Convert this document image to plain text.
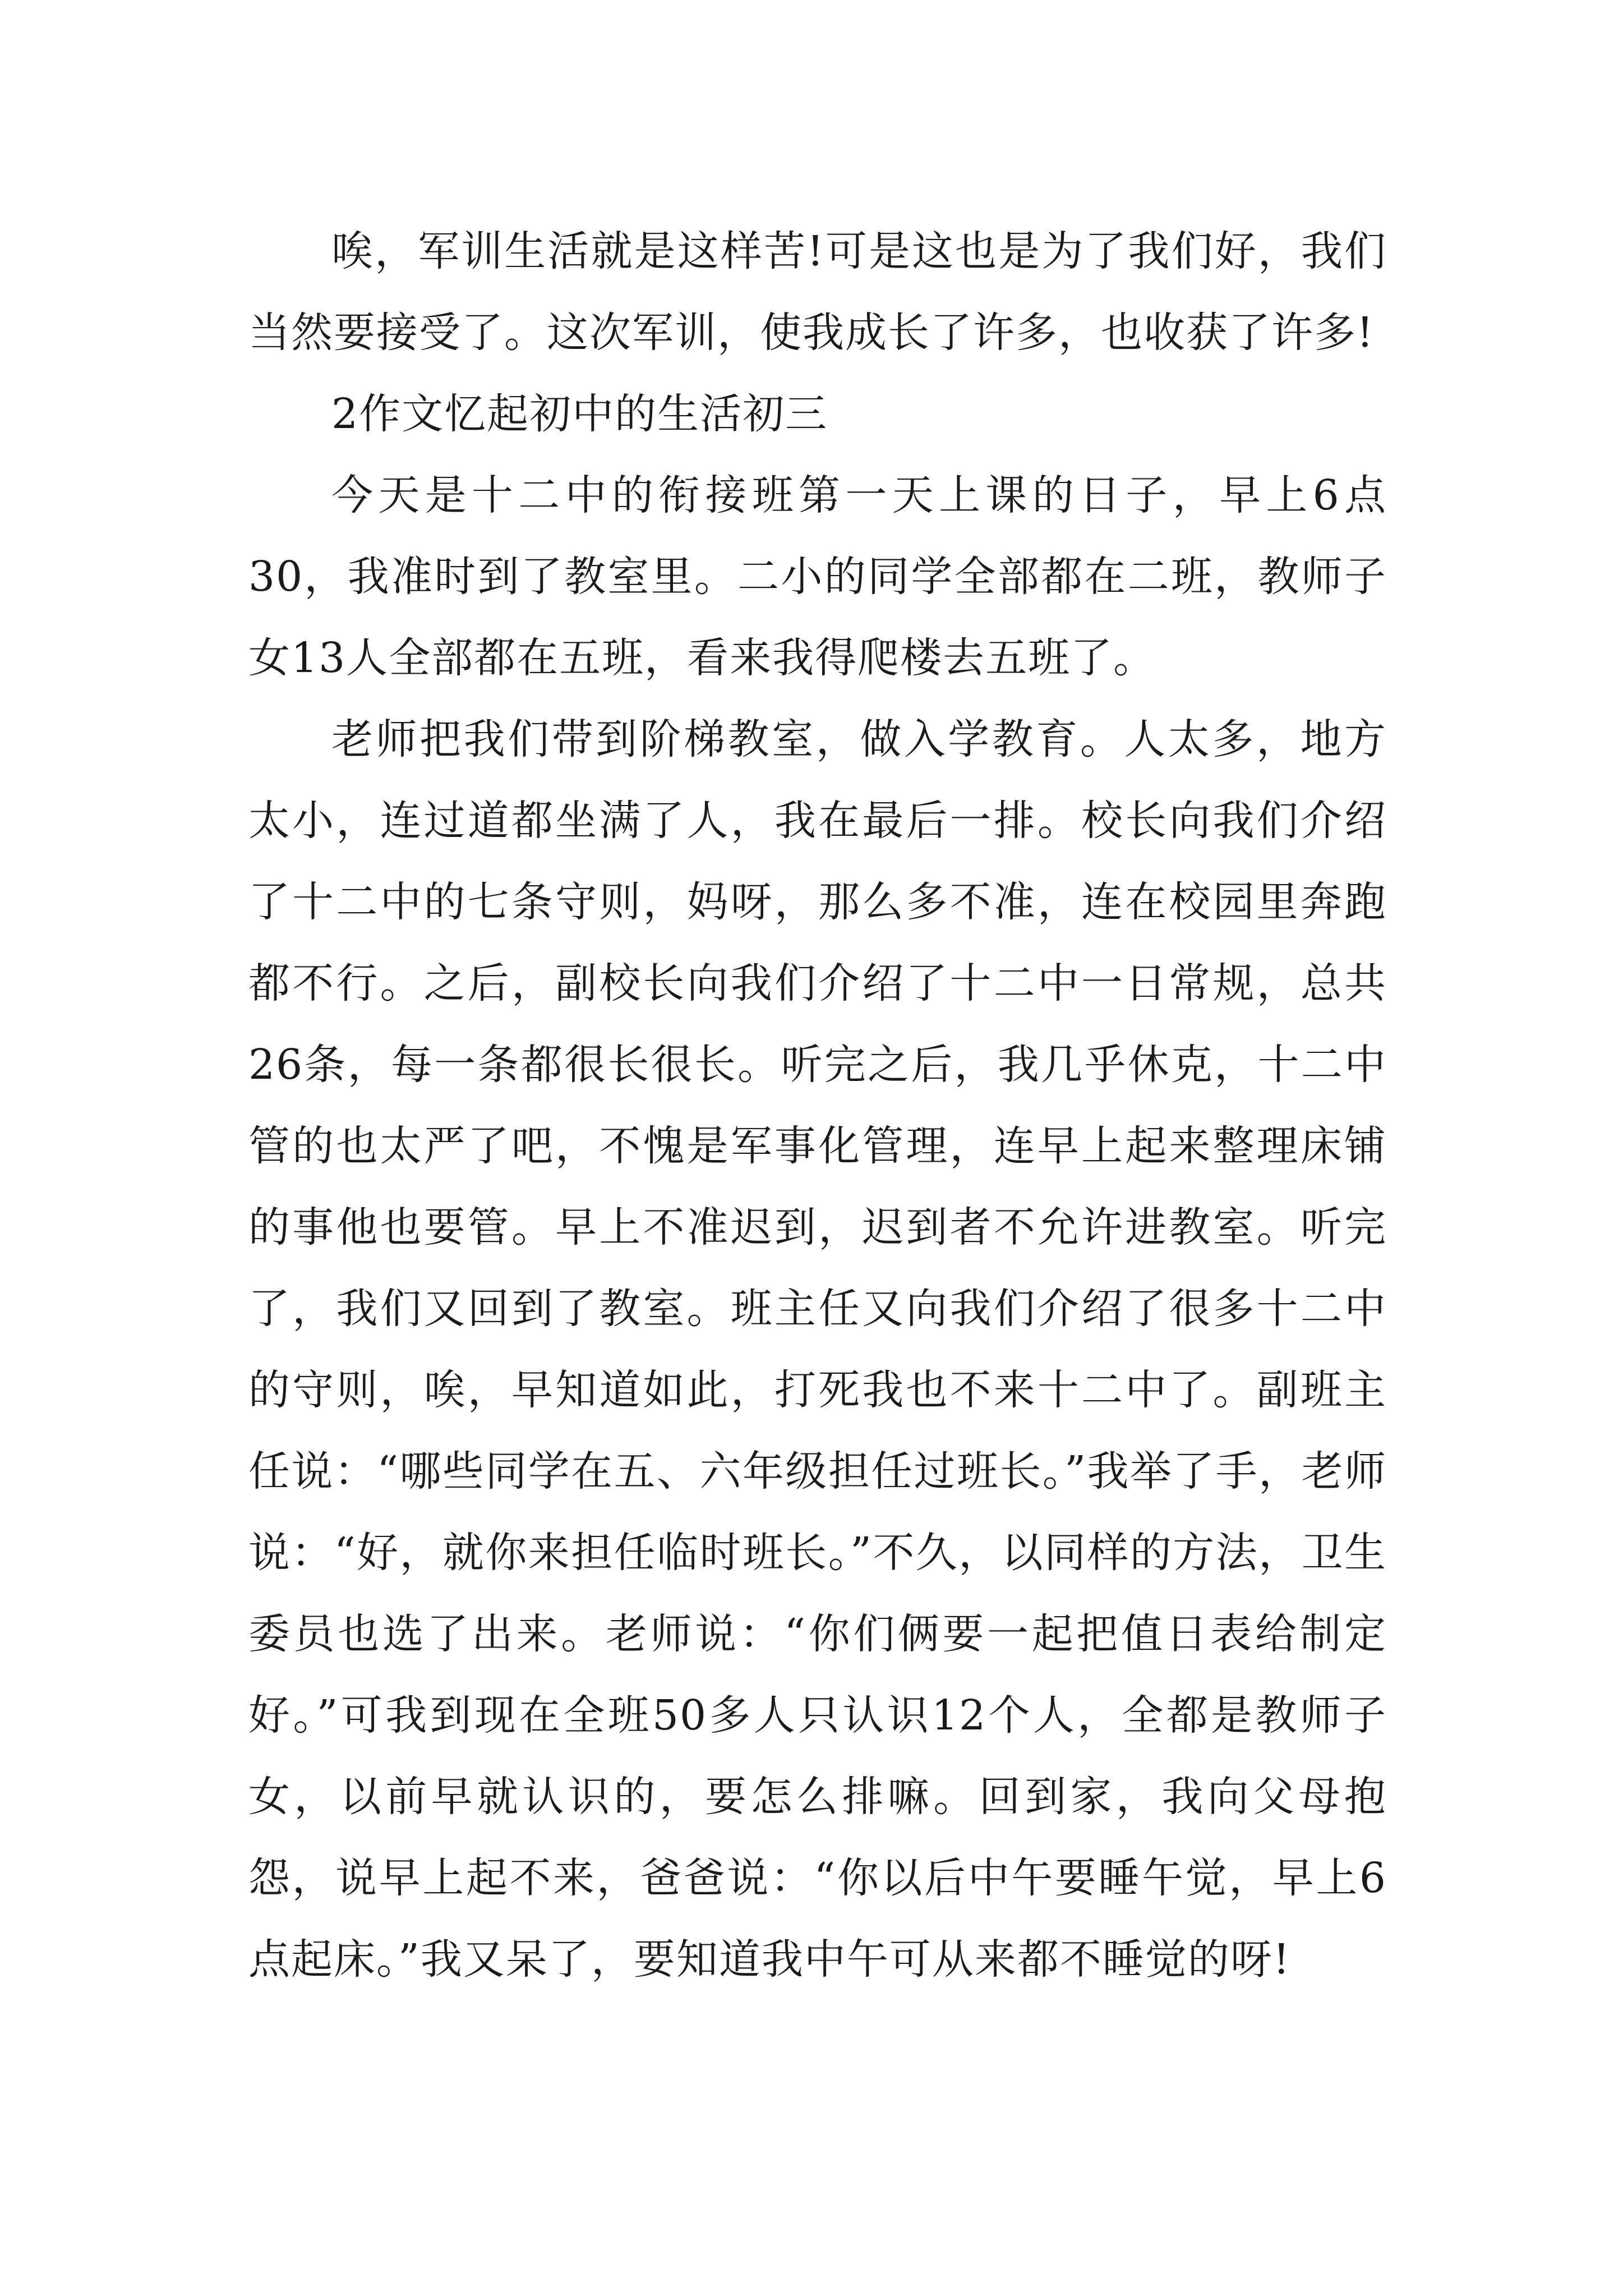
唉，军训生活就是这样苦!可是这也是为了我们好，我们当然要接受了。这次军训，使我成长了许多，也收获了许多!

2作文忆起初中的生活初三

今天是十二中的衔接班第一天上课的日子，早上6点30，我准时到了教室里。二小的同学全部都在二班，教师子女13人全部都在五班，看来我得爬楼去五班了。

老师把我们带到阶梯教室，做入学教育。人太多，地方太小，连过道都坐满了人，我在最后一排。校长向我们介绍了十二中的七条守则，妈呀，那么多不准，连在校园里奔跑都不行。之后，副校长向我们介绍了十二中一日常规，总共26条，每一条都很长很长。听完之后，我几乎休克，十二中管的也太严了吧，不愧是军事化管理，连早上起来整理床铺的事他也要管。早上不准迟到，迟到者不允许进教室。听完了，我们又回到了教室。班主任又向我们介绍了很多十二中的守则，唉，早知道如此，打死我也不来十二中了。副班主任说：“哪些同学在五、六年级担任过班长。”我举了手，老师说：“好，就你来担任临时班长。”不久，以同样的方法，卫生委员也选了出来。老师说：“你们俩要一起把值日表给制定好。”可我到现在全班50多人只认识12个人，全都是教师子女，以前早就认识的，要怎么排嘛。回到家，我向父母抱怨，说早上起不来，爸爸说：“你以后中午要睡午觉，早上6点起床。”我又呆了，要知道我中午可从来都不睡觉的呀!
